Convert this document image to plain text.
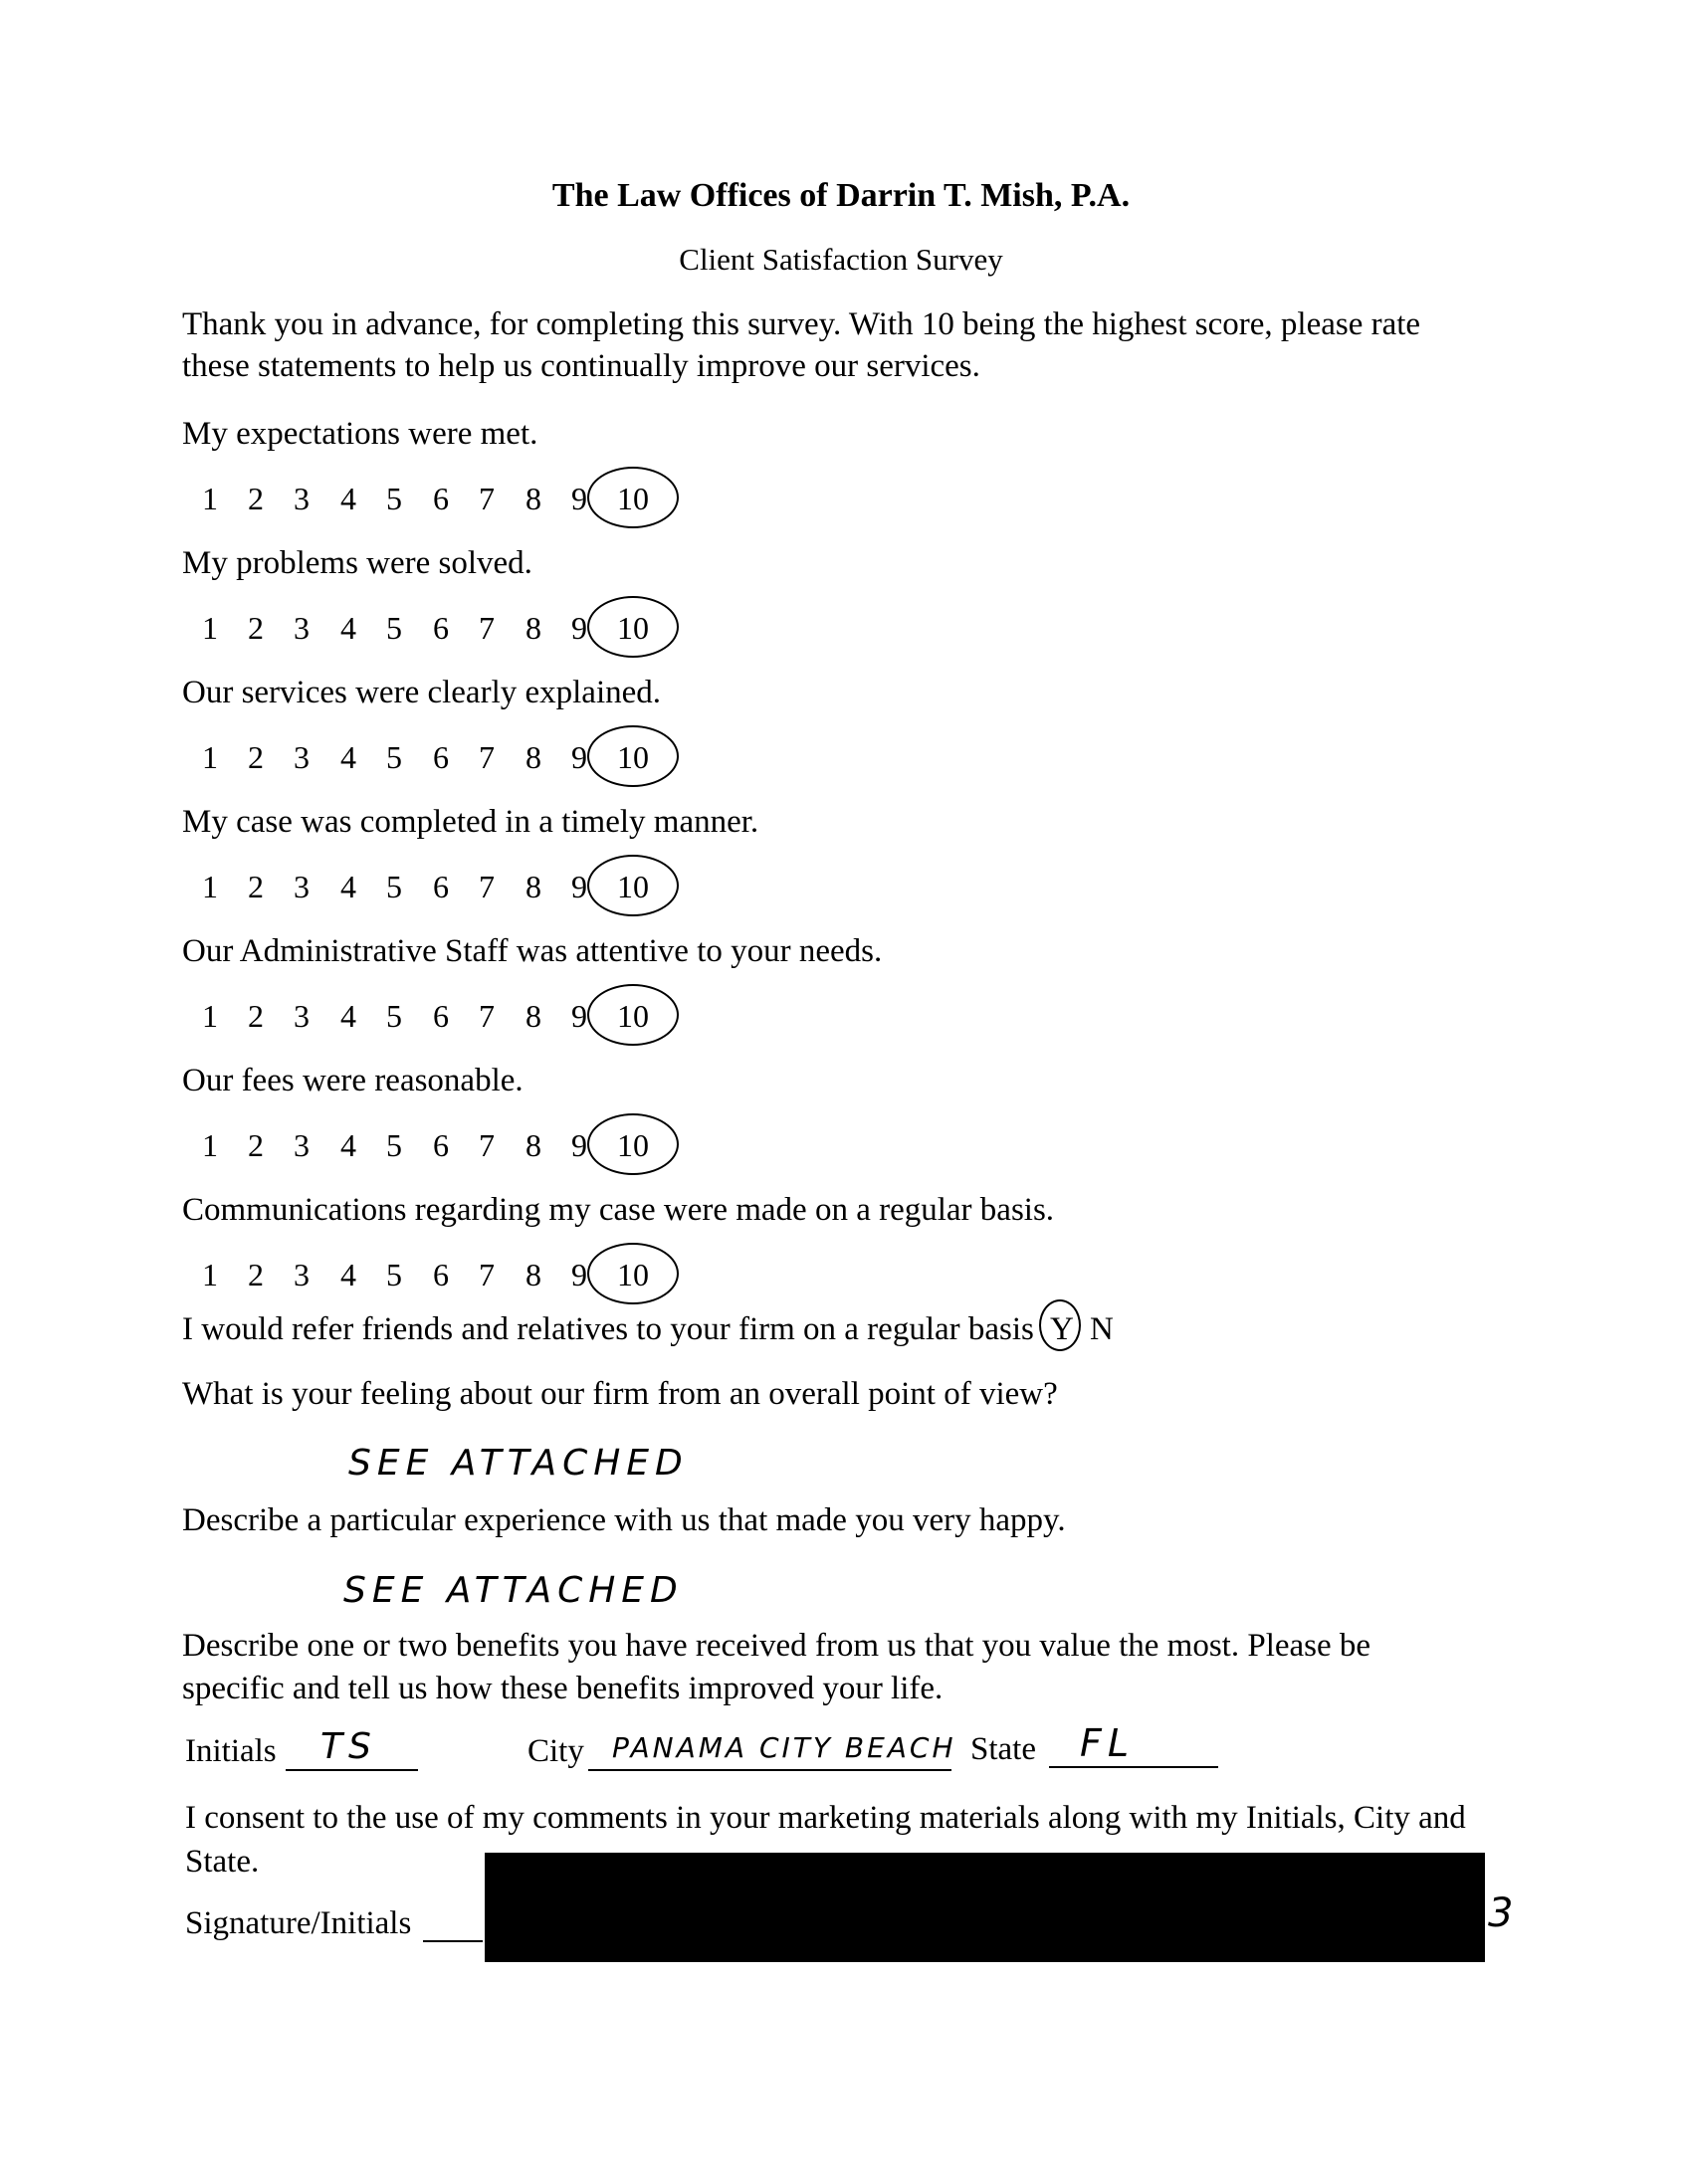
The Law Offices of Darrin T. Mish, P.A.
Client Satisfaction Survey
Thank you in advance, for completing this survey. With 10 being the highest score, please rate these statements to help us continually improve our services.
My expectations were met.
1 2 3 4 5 6 7 8 9 10
My problems were solved.
1 2 3 4 5 6 7 8 9 10
Our services were clearly explained.
1 2 3 4 5 6 7 8 9 10
My case was completed in a timely manner.
1 2 3 4 5 6 7 8 9 10
Our Administrative Staff was attentive to your needs.
1 2 3 4 5 6 7 8 9 10
Our fees were reasonable.
1 2 3 4 5 6 7 8 9 10
Communications regarding my case were made on a regular basis.
1 2 3 4 5 6 7 8 9 10
I would refer friends and relatives to your firm on a regular basis Y N
What is your feeling about our firm from an overall point of view?
SEE ATTACHED
Describe a particular experience with us that made you very happy.
SEE ATTACHED
Describe one or two benefits you have received from us that you value the most. Please be specific and tell us how these benefits improved your life.
Initials TS	City PANAMA CITY BEACH State FL
I consent to the use of my comments in your marketing materials along with my Initials, City and State.
Signature/Initials	3
